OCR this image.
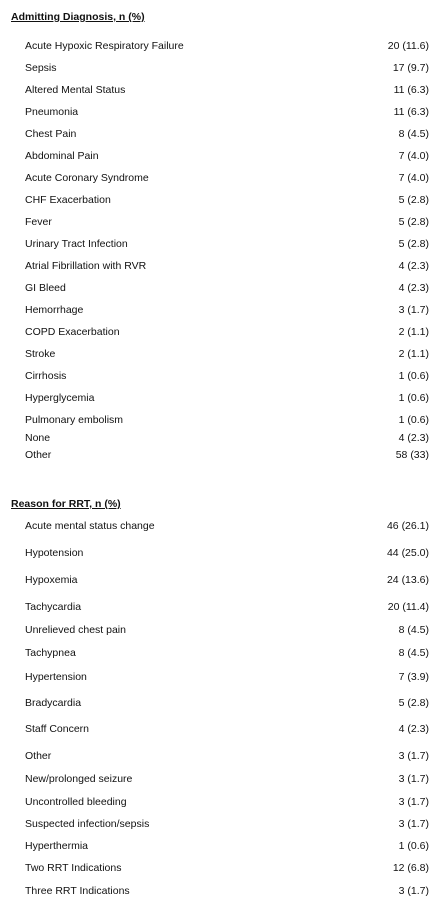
Admitting Diagnosis, n (%)
Acute Hypoxic Respiratory Failure	20 (11.6)
Sepsis	17 (9.7)
Altered Mental Status	11 (6.3)
Pneumonia	11 (6.3)
Chest Pain	8 (4.5)
Abdominal Pain	7 (4.0)
Acute Coronary Syndrome	7 (4.0)
CHF Exacerbation	5 (2.8)
Fever	5 (2.8)
Urinary Tract Infection	5 (2.8)
Atrial Fibrillation with RVR	4 (2.3)
GI Bleed	4 (2.3)
Hemorrhage	3 (1.7)
COPD Exacerbation	2 (1.1)
Stroke	2 (1.1)
Cirrhosis	1 (0.6)
Hyperglycemia	1 (0.6)
Pulmonary embolism	1 (0.6)
None	4 (2.3)
Other	58 (33)
Reason for RRT, n (%)
Acute mental status change	46 (26.1)
Hypotension	44 (25.0)
Hypoxemia	24 (13.6)
Tachycardia	20 (11.4)
Unrelieved chest pain	8 (4.5)
Tachypnea	8 (4.5)
Hypertension	7 (3.9)
Bradycardia	5 (2.8)
Staff Concern	4 (2.3)
Other	3 (1.7)
New/prolonged seizure	3 (1.7)
Uncontrolled bleeding	3 (1.7)
Suspected infection/sepsis	3 (1.7)
Hyperthermia	1 (0.6)
Two RRT Indications	12 (6.8)
Three RRT Indications	3 (1.7)
